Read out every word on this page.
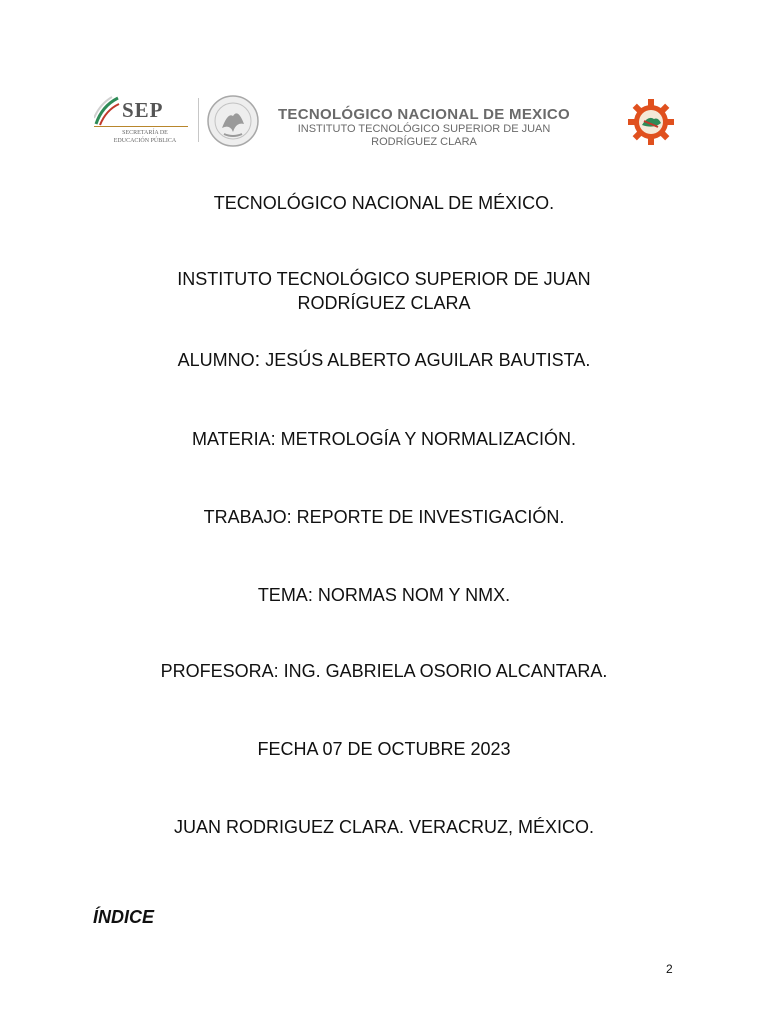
SEP
SECRETARÍA DE
EDUCACIÓN PÚBLICA
TECNOLÓGICO NACIONAL DE MEXICO
INSTITUTO TECNOLÓGICO SUPERIOR DE JUAN
RODRÍGUEZ CLARA
TECNOLÓGICO NACIONAL DE MÉXICO.
INSTITUTO TECNOLÓGICO SUPERIOR DE JUAN
RODRÍGUEZ CLARA
ALUMNO: JESÚS ALBERTO AGUILAR BAUTISTA.
MATERIA: METROLOGÍA Y NORMALIZACIÓN.
TRABAJO: REPORTE DE INVESTIGACIÓN.
TEMA: NORMAS NOM Y NMX.
PROFESORA: ING. GABRIELA OSORIO ALCANTARA.
FECHA 07 DE OCTUBRE 2023
JUAN RODRIGUEZ CLARA. VERACRUZ, MÉXICO.
ÍNDICE
2
